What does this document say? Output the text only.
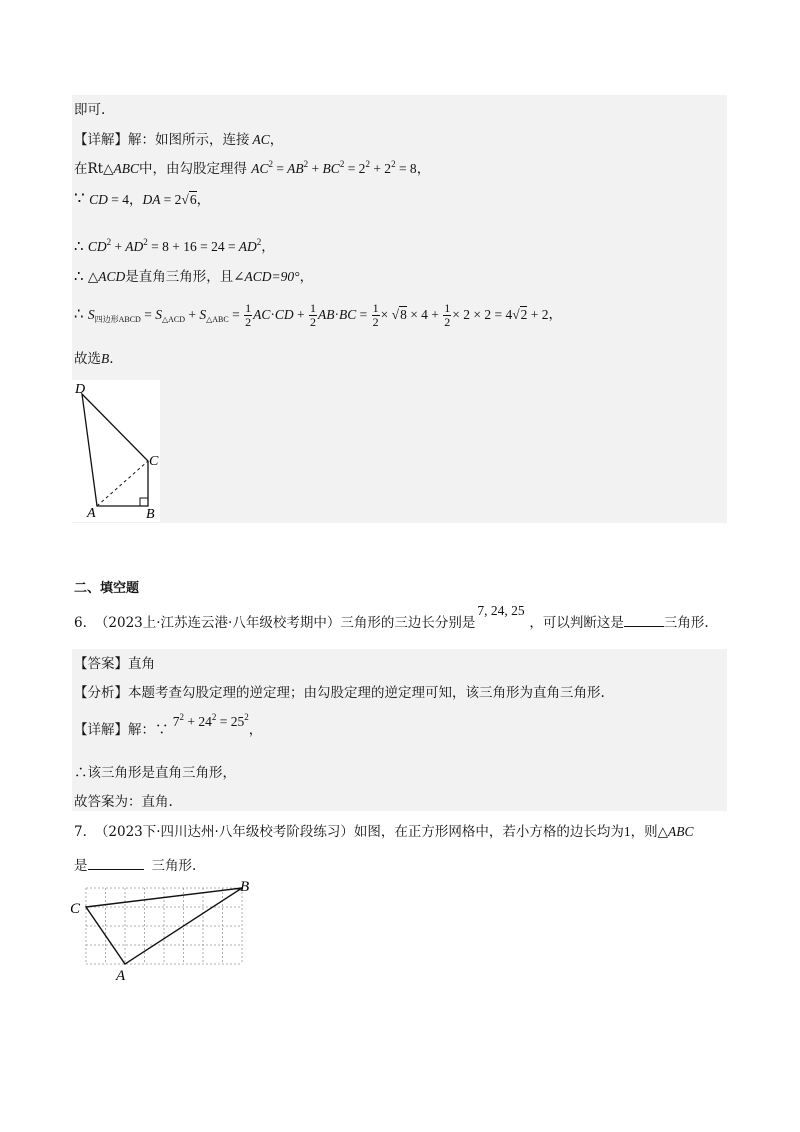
即可.
【详解】解：如图所示，连接 AC，
在Rt△ABC中，由勾股定理得 $AC^2 = AB^2 + BC^2 = 2^2 + 2^2 = 8$，
∵ CD = 4，DA = 2√6，
∴ $CD^2 + AD^2 = 8 + 16 = 24 = AD^2$，
∴ △ACD是直角三角形，且∠ACD=90°，
∴ $S_{四边形ABCD} = S_{\triangle ACD} + S_{\triangle ABC} = \frac{1}{2} AC\cdot CD + \frac{1}{2} AB\cdot BC = \frac{1}{2} \times √8 \times 4 + \frac{1}{2} \times 2 \times 2 = 4√2 + 2$，
故选B.
D
C
A	B
二、填空题
6. （2023上·江苏连云港·八年级校考期中）三角形的三边长分别是7, 24, 25，可以判断这是	三角形.
【答案】直角
【分析】本题考查勾股定理的逆定理；由勾股定理的逆定理可知，该三角形为直角三角形.
【详解】解：∵ $7^2 + 24^2 = 25^2$，
∴该三角形是直角三角形，
故答案为：直角.
7. （2023下·四川达州·八年级校考阶段练习）如图，在正方形网格中，若小方格的边长均为1，则△ABC
是	三角形.
C
B
A
